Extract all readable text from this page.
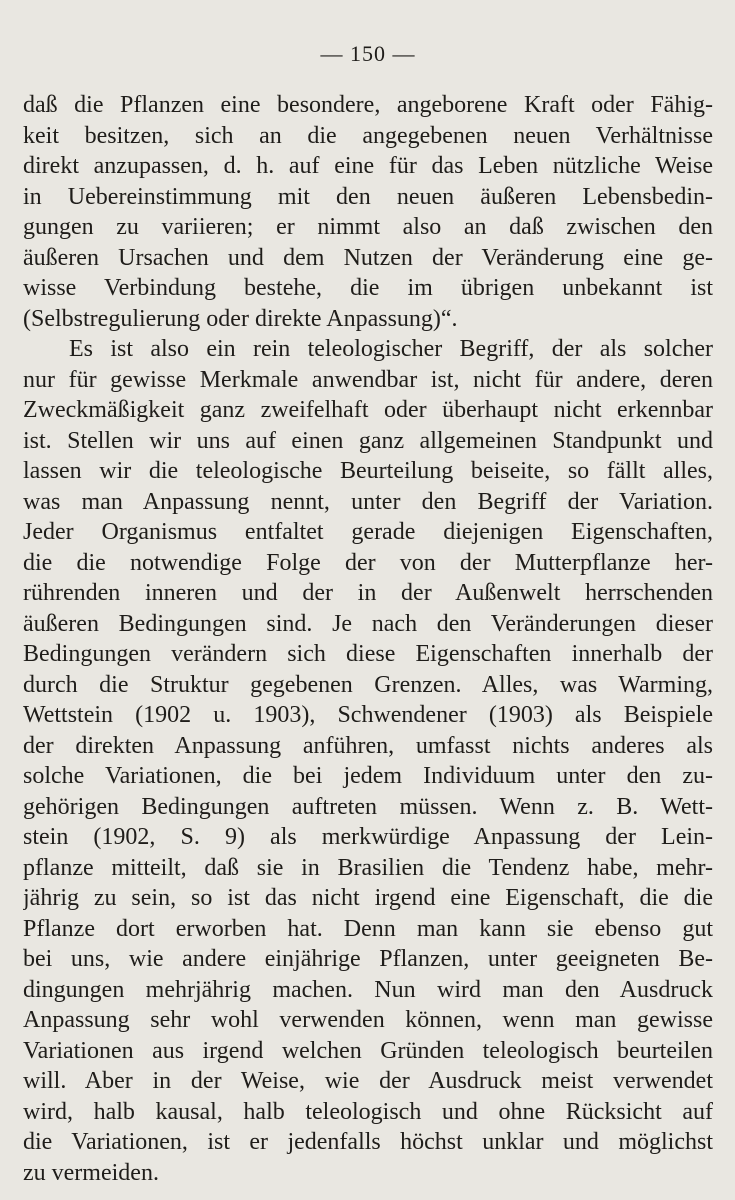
— 150 —
daß die Pflanzen eine besondere, angeborene Kraft oder Fähig-
keit besitzen, sich an die angegebenen neuen Verhältnisse
direkt anzupassen, d. h. auf eine für das Leben nützliche Weise
in Uebereinstimmung mit den neuen äußeren Lebensbedin-
gungen zu variieren; er nimmt also an daß zwischen den
äußeren Ursachen und dem Nutzen der Veränderung eine ge-
wisse Verbindung bestehe, die im übrigen unbekannt ist
(Selbstregulierung oder direkte Anpassung)“.
Es ist also ein rein teleologischer Begriff, der als solcher
nur für gewisse Merkmale anwendbar ist, nicht für andere, deren
Zweckmäßigkeit ganz zweifelhaft oder überhaupt nicht erkennbar
ist. Stellen wir uns auf einen ganz allgemeinen Standpunkt und
lassen wir die teleologische Beurteilung beiseite, so fällt alles,
was man Anpassung nennt, unter den Begriff der Variation.
Jeder Organismus entfaltet gerade diejenigen Eigenschaften,
die die notwendige Folge der von der Mutterpflanze her-
rührenden inneren und der in der Außenwelt herrschenden
äußeren Bedingungen sind. Je nach den Veränderungen dieser
Bedingungen verändern sich diese Eigenschaften innerhalb der
durch die Struktur gegebenen Grenzen. Alles, was Warming,
Wettstein (1902 u. 1903), Schwendener (1903) als Beispiele
der direkten Anpassung anführen, umfasst nichts anderes als
solche Variationen, die bei jedem Individuum unter den zu-
gehörigen Bedingungen auftreten müssen. Wenn z. B. Wett-
stein (1902, S. 9) als merkwürdige Anpassung der Lein-
pflanze mitteilt, daß sie in Brasilien die Tendenz habe, mehr-
jährig zu sein, so ist das nicht irgend eine Eigenschaft, die die
Pflanze dort erworben hat. Denn man kann sie ebenso gut
bei uns, wie andere einjährige Pflanzen, unter geeigneten Be-
dingungen mehrjährig machen. Nun wird man den Ausdruck
Anpassung sehr wohl verwenden können, wenn man gewisse
Variationen aus irgend welchen Gründen teleologisch beurteilen
will. Aber in der Weise, wie der Ausdruck meist verwendet
wird, halb kausal, halb teleologisch und ohne Rücksicht auf
die Variationen, ist er jedenfalls höchst unklar und möglichst
zu vermeiden.
